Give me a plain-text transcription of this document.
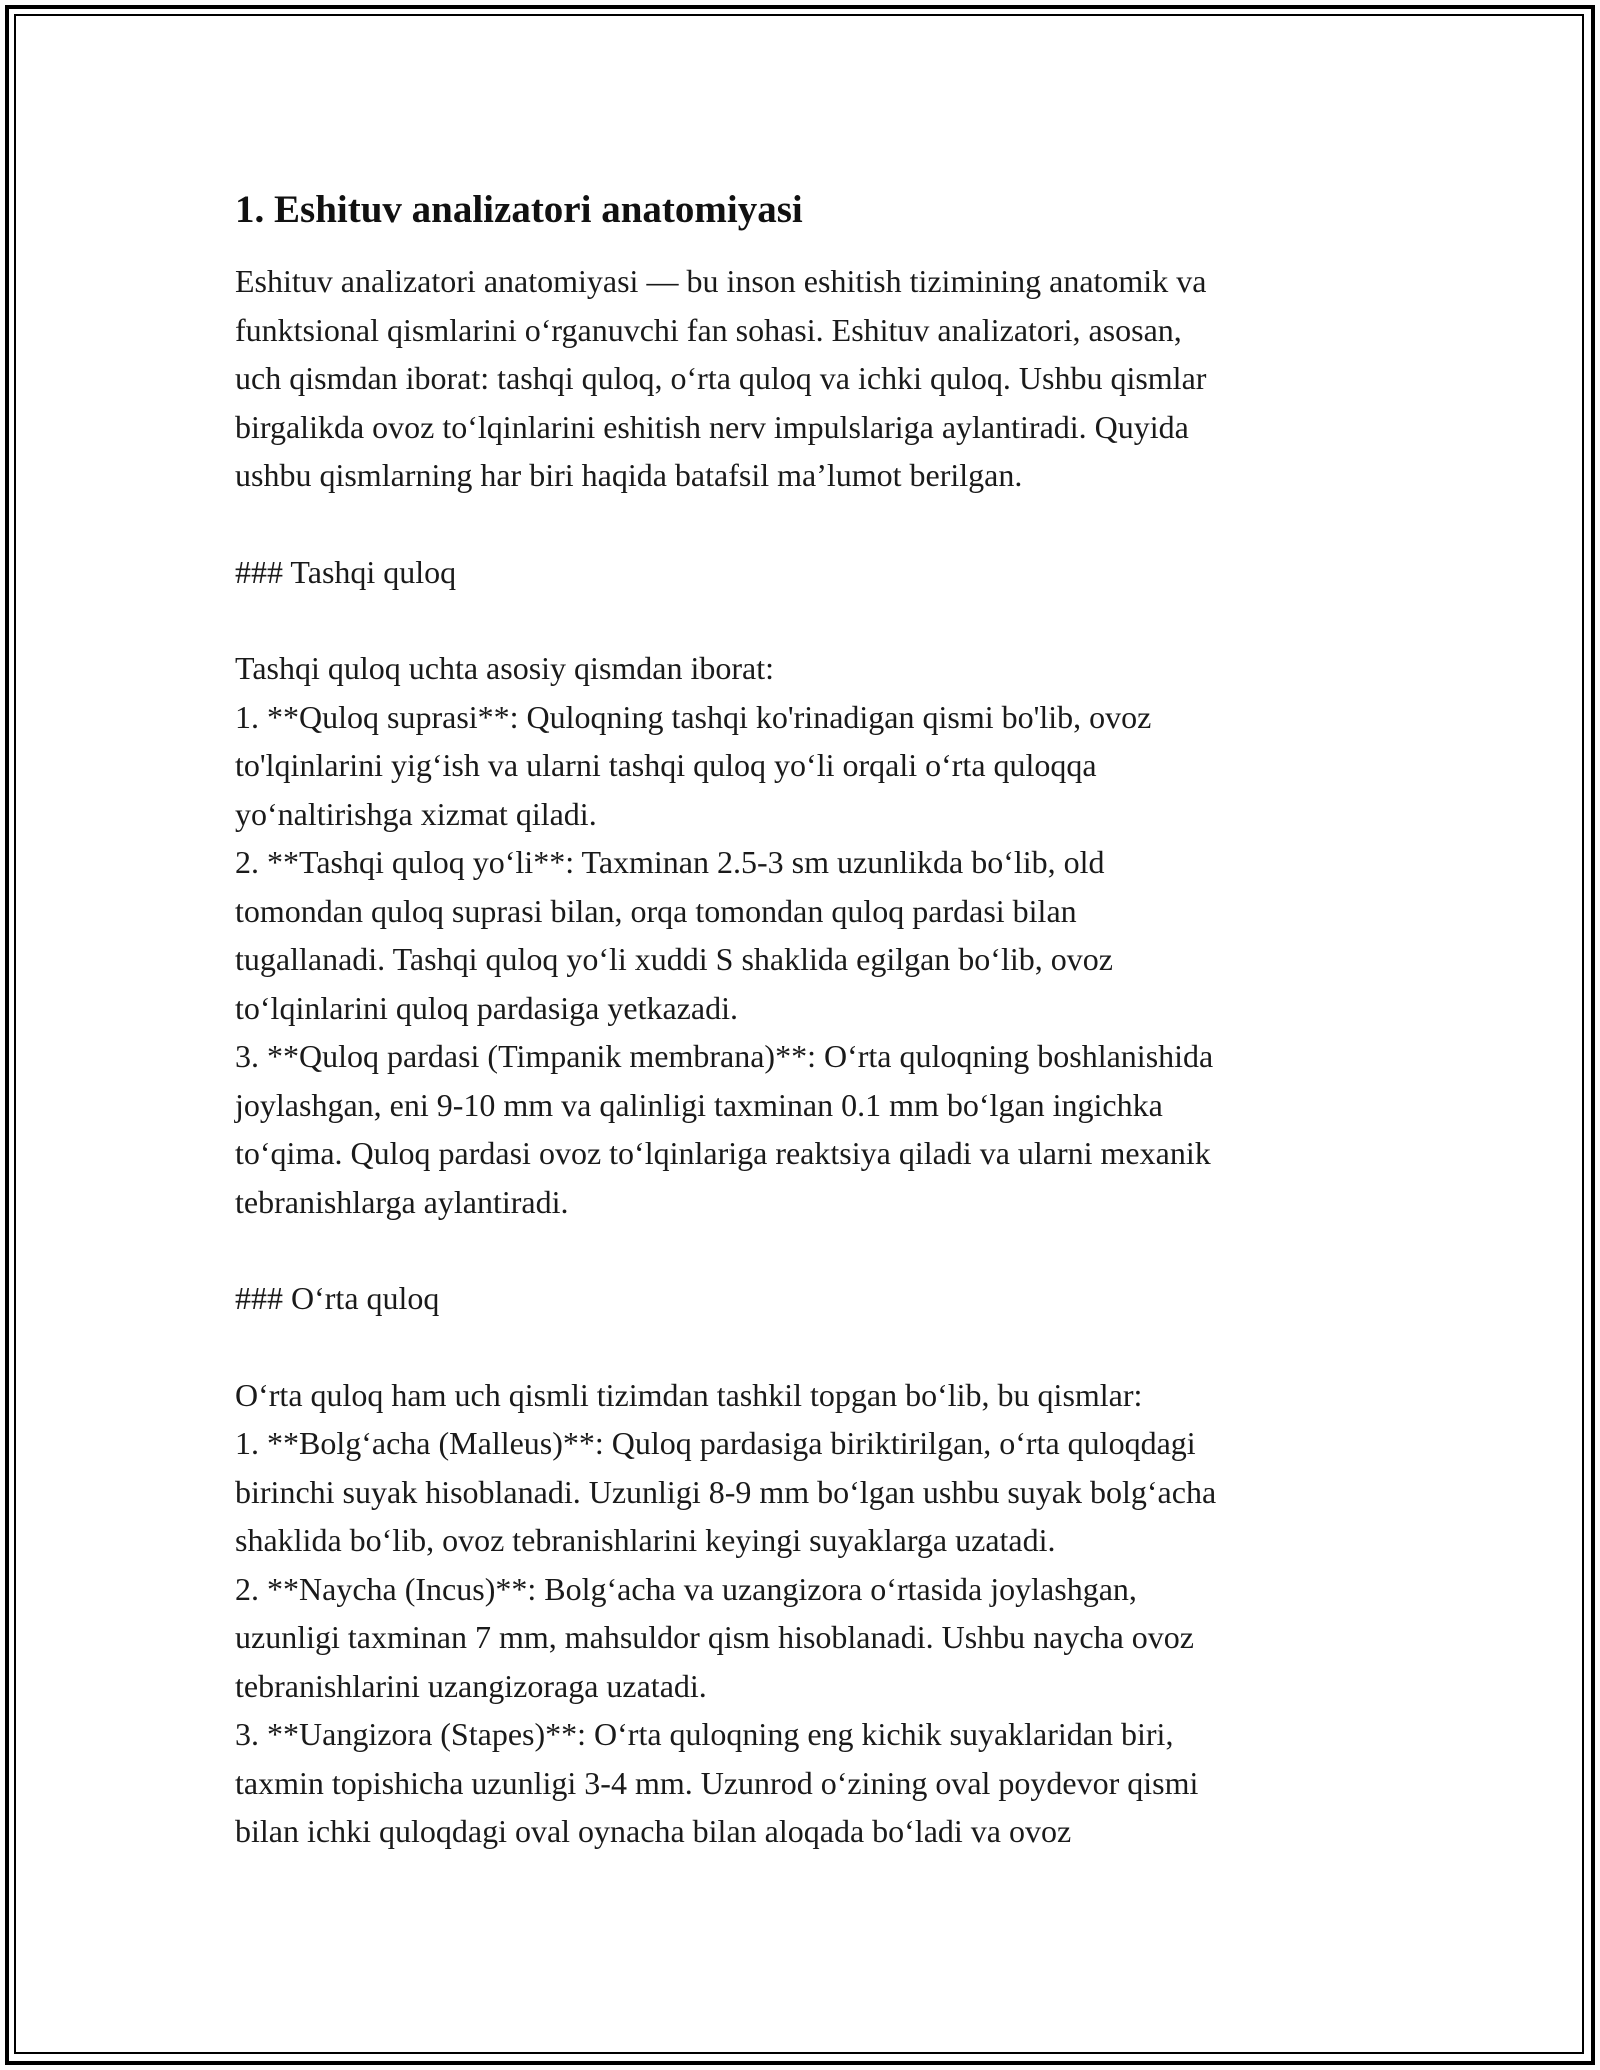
1. Eshituv analizatori anatomiyasi

Eshituv analizatori anatomiyasi — bu inson eshitish tizimining anatomik va
funktsional qismlarini o‘rganuvchi fan sohasi. Eshituv analizatori, asosan,
uch qismdan iborat: tashqi quloq, o‘rta quloq va ichki quloq. Ushbu qismlar
birgalikda ovoz to‘lqinlarini eshitish nerv impulslariga aylantiradi. Quyida
ushbu qismlarning har biri haqida batafsil ma’lumot berilgan.

### Tashqi quloq

Tashqi quloq uchta asosiy qismdan iborat:
1. **Quloq suprasi**: Quloqning tashqi ko'rinadigan qismi bo'lib, ovoz
to'lqinlarini yig‘ish va ularni tashqi quloq yo‘li orqali o‘rta quloqqa
yo‘naltirishga xizmat qiladi.
2. **Tashqi quloq yo‘li**: Taxminan 2.5-3 sm uzunlikda bo‘lib, old
tomondan quloq suprasi bilan, orqa tomondan quloq pardasi bilan
tugallanadi. Tashqi quloq yo‘li xuddi S shaklida egilgan bo‘lib, ovoz
to‘lqinlarini quloq pardasiga yetkazadi.
3. **Quloq pardasi (Timpanik membrana)**: O‘rta quloqning boshlanishida
joylashgan, eni 9-10 mm va qalinligi taxminan 0.1 mm bo‘lgan ingichka
to‘qima. Quloq pardasi ovoz to‘lqinlariga reaktsiya qiladi va ularni mexanik
tebranishlarga aylantiradi.

### O‘rta quloq

O‘rta quloq ham uch qismli tizimdan tashkil topgan bo‘lib, bu qismlar:
1. **Bolg‘acha (Malleus)**: Quloq pardasiga biriktirilgan, o‘rta quloqdagi
birinchi suyak hisoblanadi. Uzunligi 8-9 mm bo‘lgan ushbu suyak bolg‘acha
shaklida bo‘lib, ovoz tebranishlarini keyingi suyaklarga uzatadi.
2. **Naycha (Incus)**: Bolg‘acha va uzangizora o‘rtasida joylashgan,
uzunligi taxminan 7 mm, mahsuldor qism hisoblanadi. Ushbu naycha ovoz
tebranishlarini uzangizoraga uzatadi.
3. **Uangizora (Stapes)**: O‘rta quloqning eng kichik suyaklaridan biri,
taxmin topishicha uzunligi 3-4 mm. Uzunrod o‘zining oval poydevor qismi
bilan ichki quloqdagi oval oynacha bilan aloqada bo‘ladi va ovoz
